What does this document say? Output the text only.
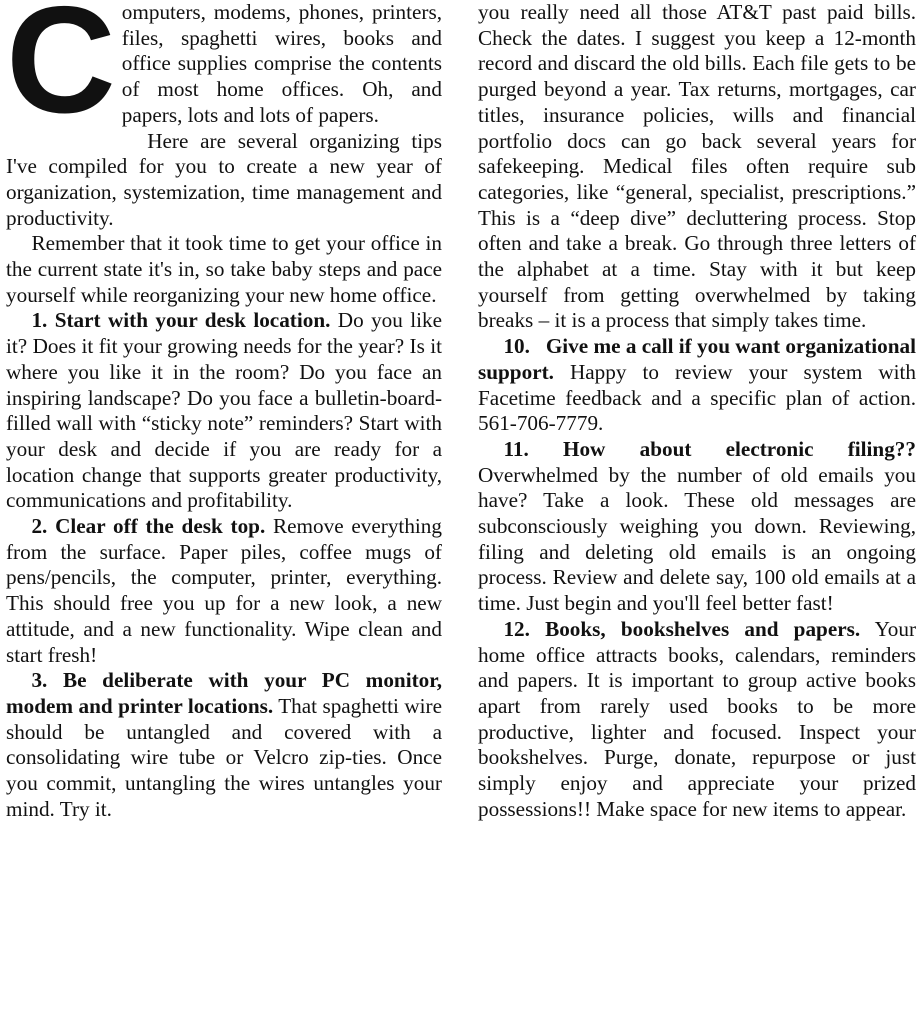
Computers, modems, phones, printers, files, spaghetti wires, books and office supplies comprise the contents of most home offices. Oh, and papers, lots and lots of papers.

Here are several organizing tips I've compiled for you to create a new year of organization, systemization, time management and productivity.

Remember that it took time to get your office in the current state it's in, so take baby steps and pace yourself while reorganizing your new home office.

1. Start with your desk location. Do you like it? Does it fit your growing needs for the year? Is it where you like it in the room? Do you face an inspiring landscape? Do you face a bulletin-board-filled wall with “sticky note” reminders? Start with your desk and decide if you are ready for a location change that supports greater productivity, communications and profitability.

2. Clear off the desk top. Remove everything from the surface. Paper piles, coffee mugs of pens/pencils, the computer, printer, everything. This should free you up for a new look, a new attitude, and a new functionality. Wipe clean and start fresh!

3. Be deliberate with your PC monitor, modem and printer locations. That spaghetti wire should be untangled and covered with a consolidating wire tube or Velcro zip-ties. Once you commit, untangling the wires untangles your mind. Try it.

you really need all those AT&T past paid bills. Check the dates. I suggest you keep a 12-month record and discard the old bills. Each file gets to be purged beyond a year. Tax returns, mortgages, car titles, insurance policies, wills and financial portfolio docs can go back several years for safekeeping. Medical files often require sub categories, like “general, specialist, prescriptions.” This is a “deep dive” decluttering process. Stop often and take a break. Go through three letters of the alphabet at a time. Stay with it but keep yourself from getting overwhelmed by taking breaks – it is a process that simply takes time.

10.   Give me a call if you want organizational support. Happy to review your system with Facetime feedback and a specific plan of action. 561-706-7779.

11. How about electronic filing?? Overwhelmed by the number of old emails you have? Take a look. These old messages are subconsciously weighing you down. Reviewing, filing and deleting old emails is an ongoing process. Review and delete say, 100 old emails at a time. Just begin and you'll feel better fast!

12. Books, bookshelves and papers. Your home office attracts books, calendars, reminders and papers. It is important to group active books apart from rarely used books to be more productive, lighter and focused. Inspect your bookshelves. Purge, donate, repurpose or just simply enjoy and appreciate your prized possessions!! Make space for new items to appear.
